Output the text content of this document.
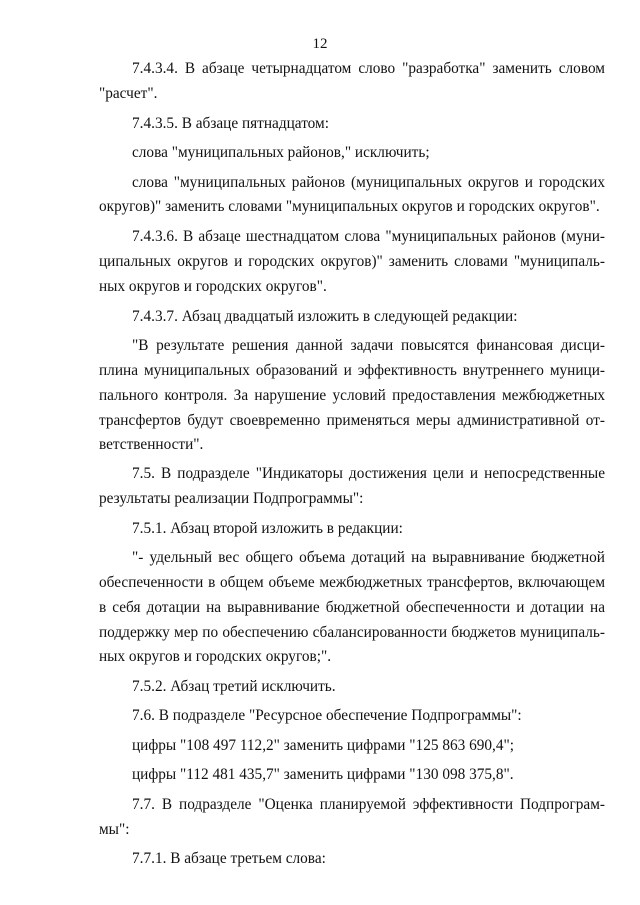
12
7.4.3.4. В абзаце четырнадцатом слово "разработка" заменить словом
"расчет".
7.4.3.5. В абзаце пятнадцатом:
слова "муниципальных районов," исключить;
слова "муниципальных районов (муниципальных округов и городских
округов)" заменить словами "муниципальных округов и городских округов".
7.4.3.6. В абзаце шестнадцатом слова "муниципальных районов (муни-
ципальных округов и городских округов)" заменить словами "муниципаль-
ных округов и городских округов".
7.4.3.7. Абзац двадцатый изложить в следующей редакции:
"В результате решения данной задачи повысятся финансовая дисци-
плина муниципальных образований и эффективность внутреннего муници-
пального контроля. За нарушение условий предоставления межбюджетных
трансфертов будут своевременно применяться меры административной от-
ветственности".
7.5. В подразделе "Индикаторы достижения цели и непосредственные
результаты реализации Подпрограммы":
7.5.1. Абзац второй изложить в редакции:
"- удельный вес общего объема дотаций на выравнивание бюджетной
обеспеченности в общем объеме межбюджетных трансфертов, включающем
в себя дотации на выравнивание бюджетной обеспеченности и дотации на
поддержку мер по обеспечению сбалансированности бюджетов муниципаль-
ных округов и городских округов;".
7.5.2. Абзац третий исключить.
7.6. В подразделе "Ресурсное обеспечение Подпрограммы":
цифры "108 497 112,2" заменить цифрами "125 863 690,4";
цифры "112 481 435,7" заменить цифрами "130 098 375,8".
7.7. В подразделе "Оценка планируемой эффективности Подпрограм-
мы":
7.7.1. В абзаце третьем слова:
